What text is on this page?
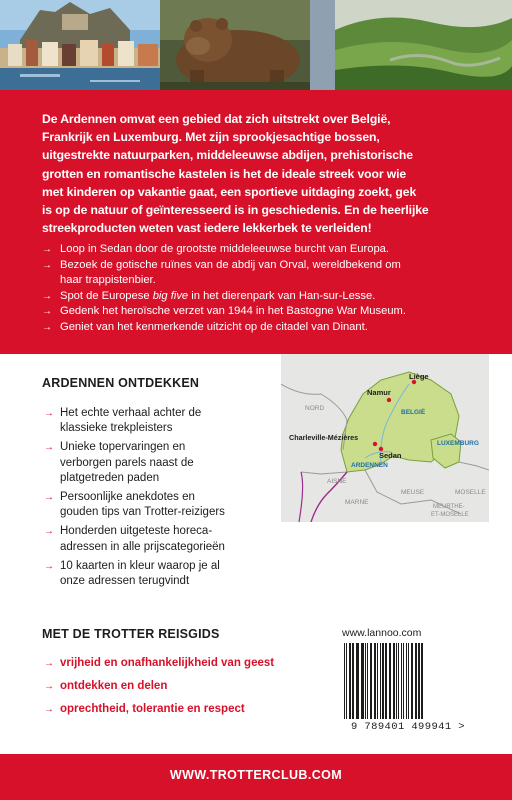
De Ardennen omvat een gebied dat zich uitstrekt over België,
Frankrijk en Luxemburg. Met zijn sprookjesachtige bossen,
uitgestrekte natuurparken, middeleeuwse abdijen, prehistorische
grotten en romantische kastelen is het de ideale streek voor wie
met kinderen op vakantie gaat, een sportieve uitdaging zoekt, gek
is op de natuur of geïnteresseerd is in geschiedenis. En de heerlijke
streekproducten weten vast iedere lekkerbek te verleiden!
→ Loop in Sedan door de grootste middeleeuwse burcht van Europa.
→ Bezoek de gotische ruïnes van de abdij van Orval, wereldbekend om
haar trappistenbier.
→ Spot de Europese big five in het dierenpark van Han-sur-Lesse.
→ Gedenk het heroïsche verzet van 1944 in het Bastogne War Museum.
→ Geniet van het kenmerkende uitzicht op de citadel van Dinant.
ARDENNEN ONTDEKKEN
→ Het echte verhaal achter de
klassieke trekpleisters
→ Unieke topervaringen en
verborgen parels naast de
platgetreden paden
→ Persoonlijke anekdotes en
gouden tips van Trotter-reizigers
→ Honderden uitgeteste horeca-
adressen in alle prijscategorieën
→ 10 kaarten in kleur waarop je al
onze adressen terugvindt
Liège
Namur
Charleville-Mézières
Sedan
BELGIË
LUXEMBURG
ARDENNEN
NORD
AISNE
MARNE
MEUSE	MOSELLE
MEURTHE-
ET-MOSELLE
MET DE TROTTER REISGIDS
→ vrijheid en onafhankelijkheid van geest
→ ontdekken en delen
→ oprechtheid, tolerantie en respect
www.lannoo.com
9 789401 499941 >
WWW.TROTTERCLUB.COM
